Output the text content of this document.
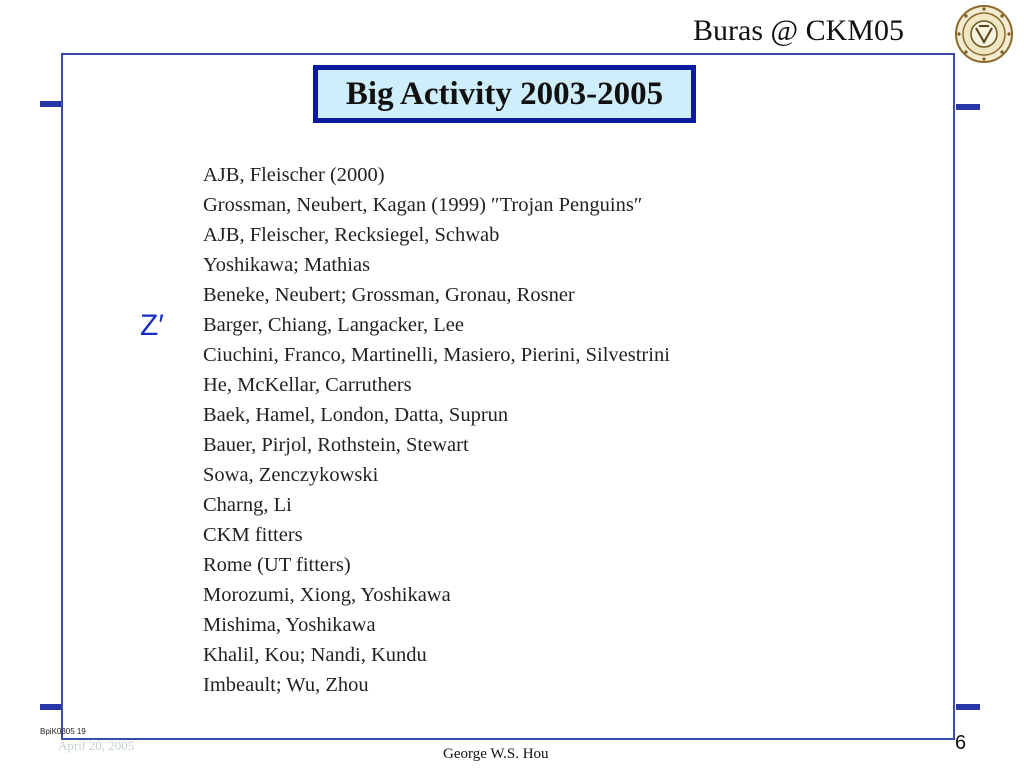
Buras @ CKM05
Big Activity 2003-2005
Z′
AJB, Fleischer (2000)
Grossman, Neubert, Kagan (1999) ″Trojan Penguins″
AJB, Fleischer, Recksiegel, Schwab
Yoshikawa; Mathias
Beneke, Neubert; Grossman, Gronau, Rosner
Barger, Chiang, Langacker, Lee
Ciuchini, Franco, Martinelli, Masiero, Pierini, Silvestrini
He, McKellar, Carruthers
Baek, Hamel, London, Datta, Suprun
Bauer, Pirjol, Rothstein, Stewart
Sowa, Zenczykowski
Charng, Li
CKM fitters
Rome (UT fitters)
Morozumi, Xiong, Yoshikawa
Mishima, Yoshikawa
Khalil, Kou; Nandi, Kundu
Imbeault; Wu, Zhou
April 20, 2005
BpiK0305 19
George W.S. Hou	6
